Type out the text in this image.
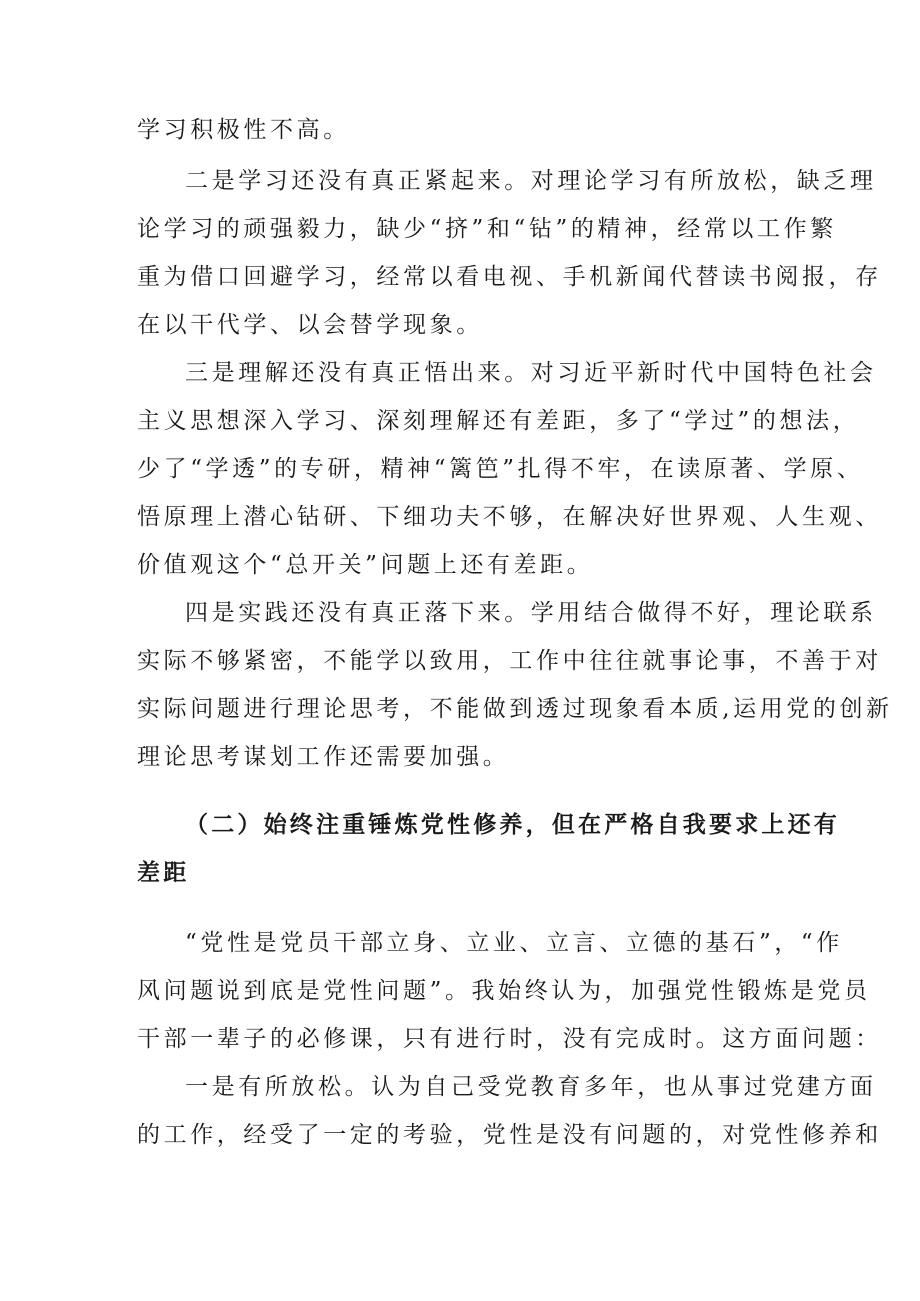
学习积极性不高。
二是学习还没有真正紧起来。对理论学习有所放松，缺乏理
论学习的顽强毅力，缺少“挤”和“钻”的精神，经常以工作繁
重为借口回避学习，经常以看电视、手机新闻代替读书阅报，存
在以干代学、以会替学现象。
三是理解还没有真正悟出来。对习近平新时代中国特色社会
主义思想深入学习、深刻理解还有差距，多了“学过”的想法，
少了“学透”的专研，精神“篱笆”扎得不牢，在读原著、学原、
悟原理上潜心钻研、下细功夫不够，在解决好世界观、人生观、
价值观这个“总开关”问题上还有差距。
四是实践还没有真正落下来。学用结合做得不好，理论联系
实际不够紧密，不能学以致用，工作中往往就事论事，不善于对
实际问题进行理论思考，不能做到透过现象看本质,运用党的创新
理论思考谋划工作还需要加强。
（二）始终注重锤炼党性修养，但在严格自我要求上还有
差距
“党性是党员干部立身、立业、立言、立德的基石”，“作
风问题说到底是党性问题”。我始终认为，加强党性锻炼是党员
干部一辈子的必修课，只有进行时，没有完成时。这方面问题：
一是有所放松。认为自己受党教育多年，也从事过党建方面
的工作，经受了一定的考验，党性是没有问题的，对党性修养和
